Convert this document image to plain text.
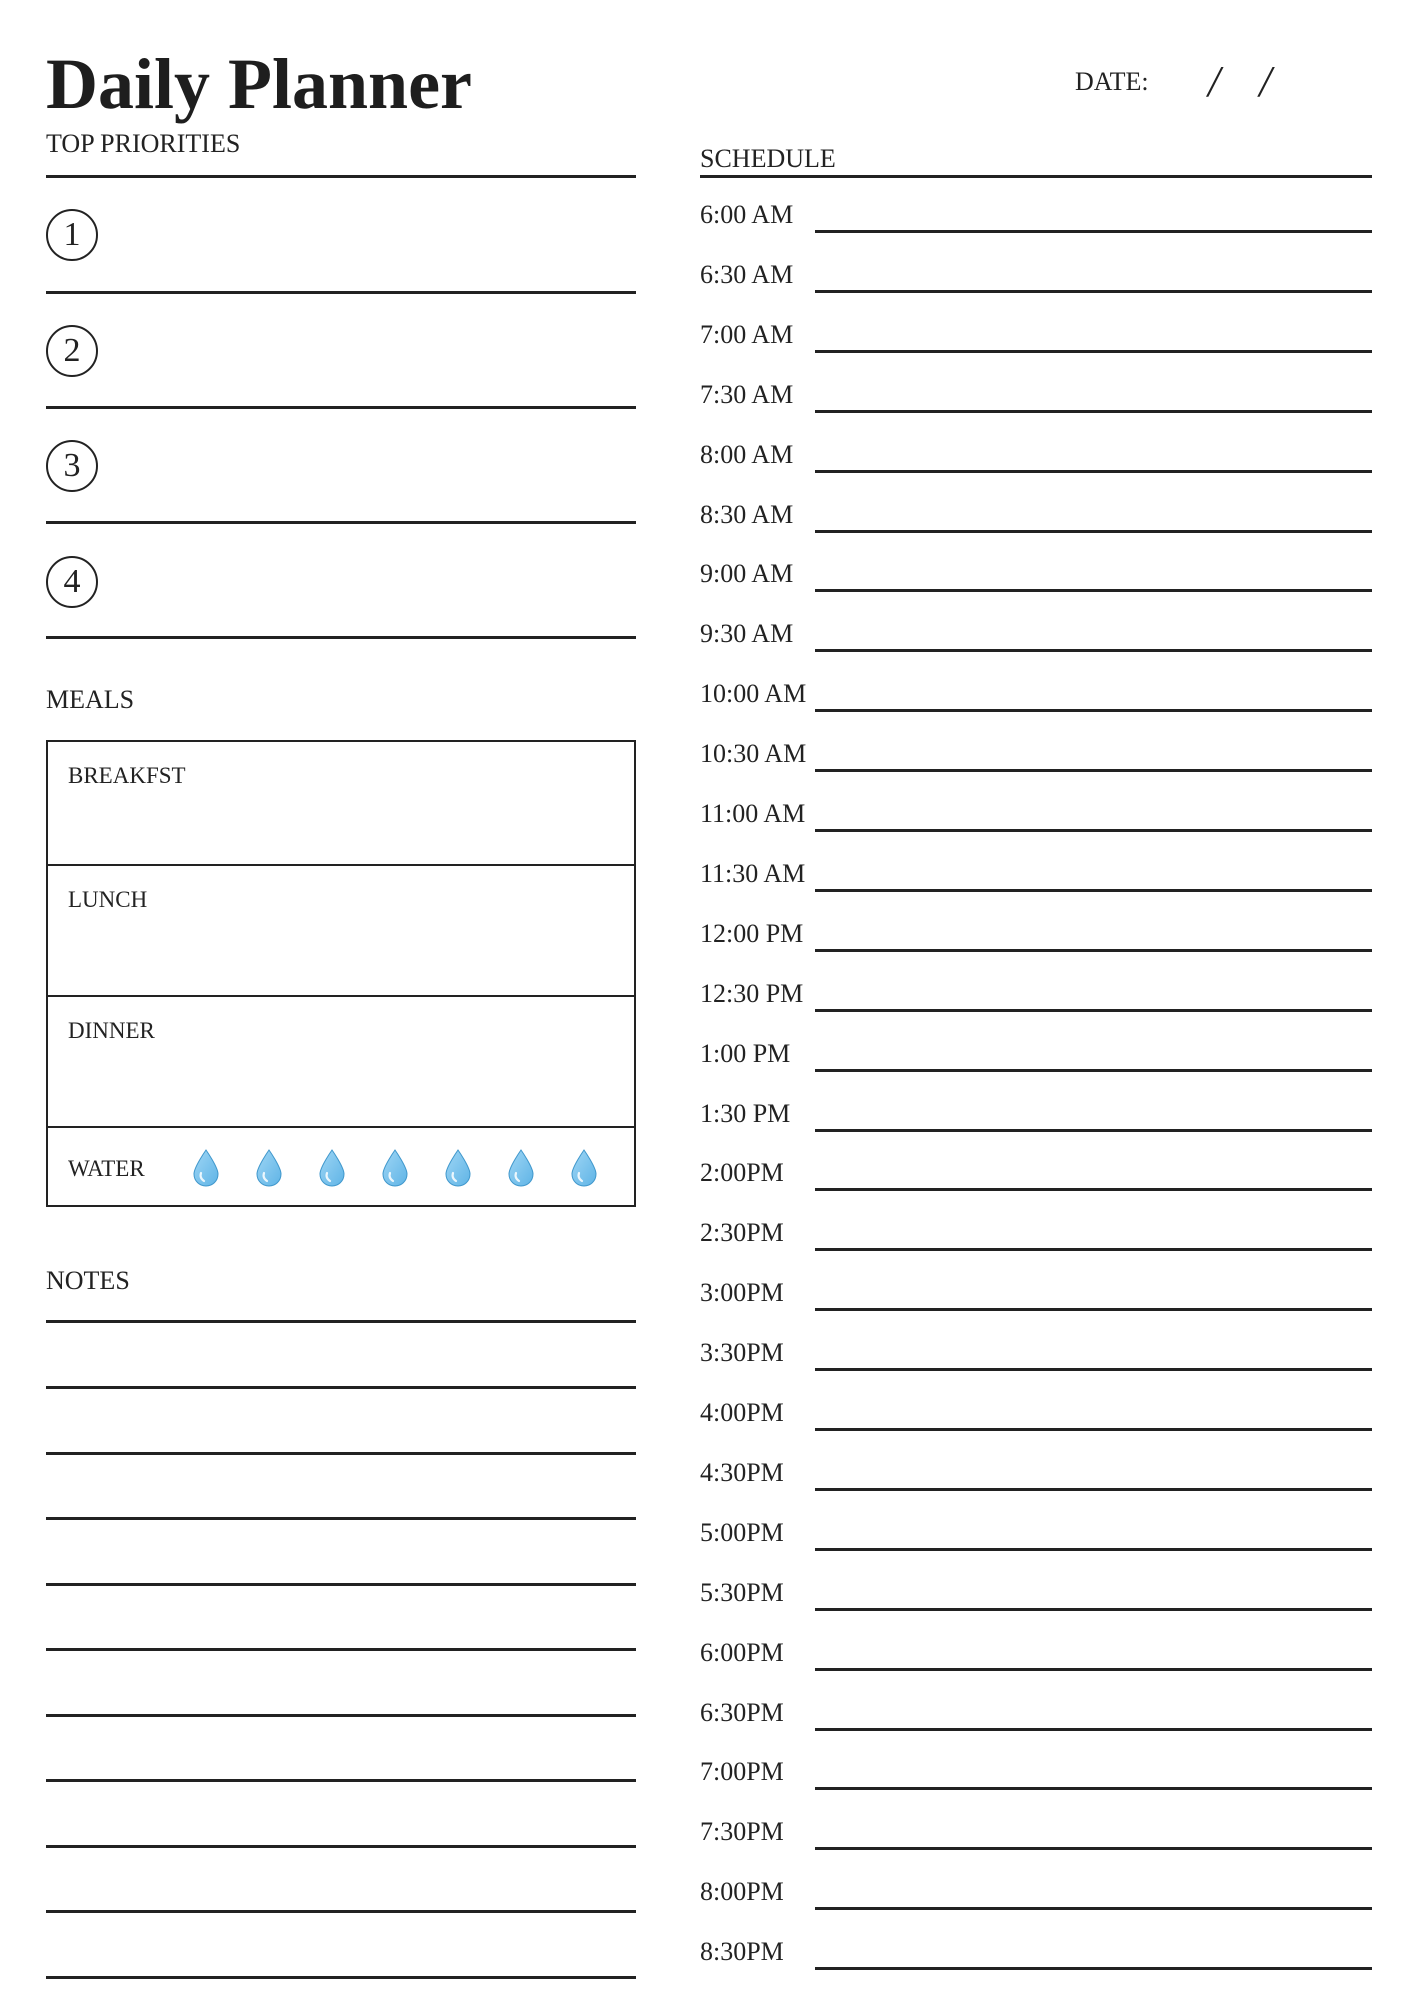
Daily Planner	DATE: / /
TOP PRIORITIES
1
2
3
4
MEALS
BREAKFST
LUNCH
DINNER
WATER
NOTES
SCHEDULE
6:00 AM
6:30 AM
7:00 AM
7:30 AM
8:00 AM
8:30 AM
9:00 AM
9:30 AM
10:00 AM
10:30 AM
11:00 AM
11:30 AM
12:00 PM
12:30 PM
1:00 PM
1:30 PM
2:00PM
2:30PM
3:00PM
3:30PM
4:00PM
4:30PM
5:00PM
5:30PM
6:00PM
6:30PM
7:00PM
7:30PM
8:00PM
8:30PM
